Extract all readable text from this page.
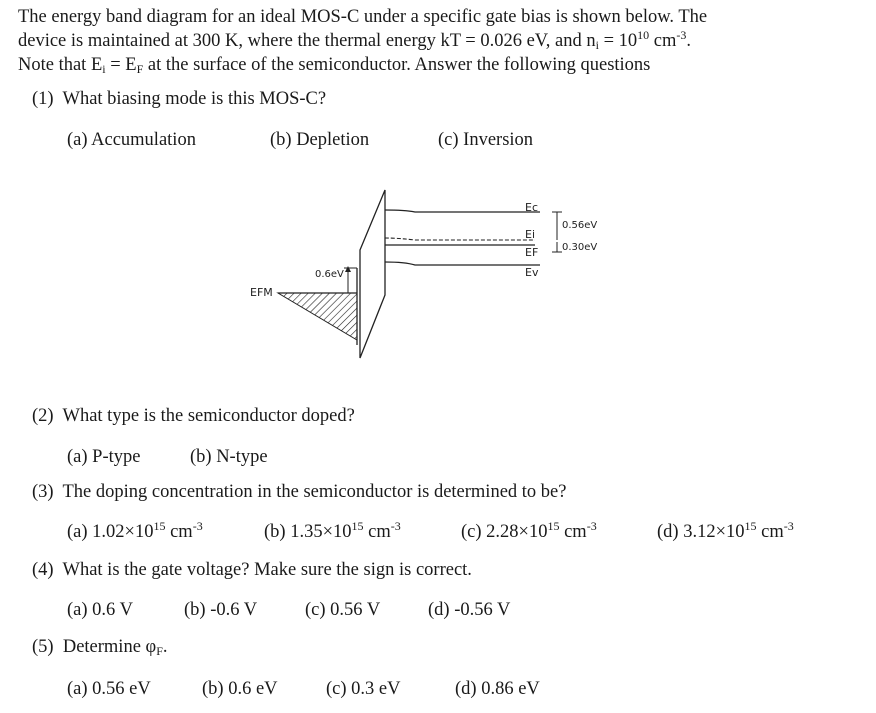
The energy band diagram for an ideal MOS-C under a specific gate bias is shown below. The
device is maintained at 300 K, where the thermal energy kT = 0.026 eV, and $n_i = 10^{10}$ $cm^{-3}$.
Note that $E_i = E_F$ at the surface of the semiconductor. Answer the following questions
(1) What biasing mode is this MOS-C?
(a) Accumulation	(b) Depletion	(c) Inversion
Ec
Ei
EF
Ev
0.56eV
0.30eV
0.6eV
EFM
(2) What type is the semiconductor doped?
(a) P-type	(b) N-type
(3) The doping concentration in the semiconductor is determined to be?
(a) $1.02\times 10^{15}$ $cm^{-3}$	(b) $1.35\times 10^{15}$ $cm^{-3}$	(c) $2.28\times 10^{15}$ $cm^{-3}$	(d) $3.12\times 10^{15}$ $cm^{-3}$
(4) What is the gate voltage? Make sure the sign is correct.
(a) 0.6 V	(b) -0.6 V	(c) 0.56 V	(d) -0.56 V
(5) Determine $\varphi_F$.
(a) 0.56 eV	(b) 0.6 eV	(c) 0.3 eV	(d) 0.86 eV
